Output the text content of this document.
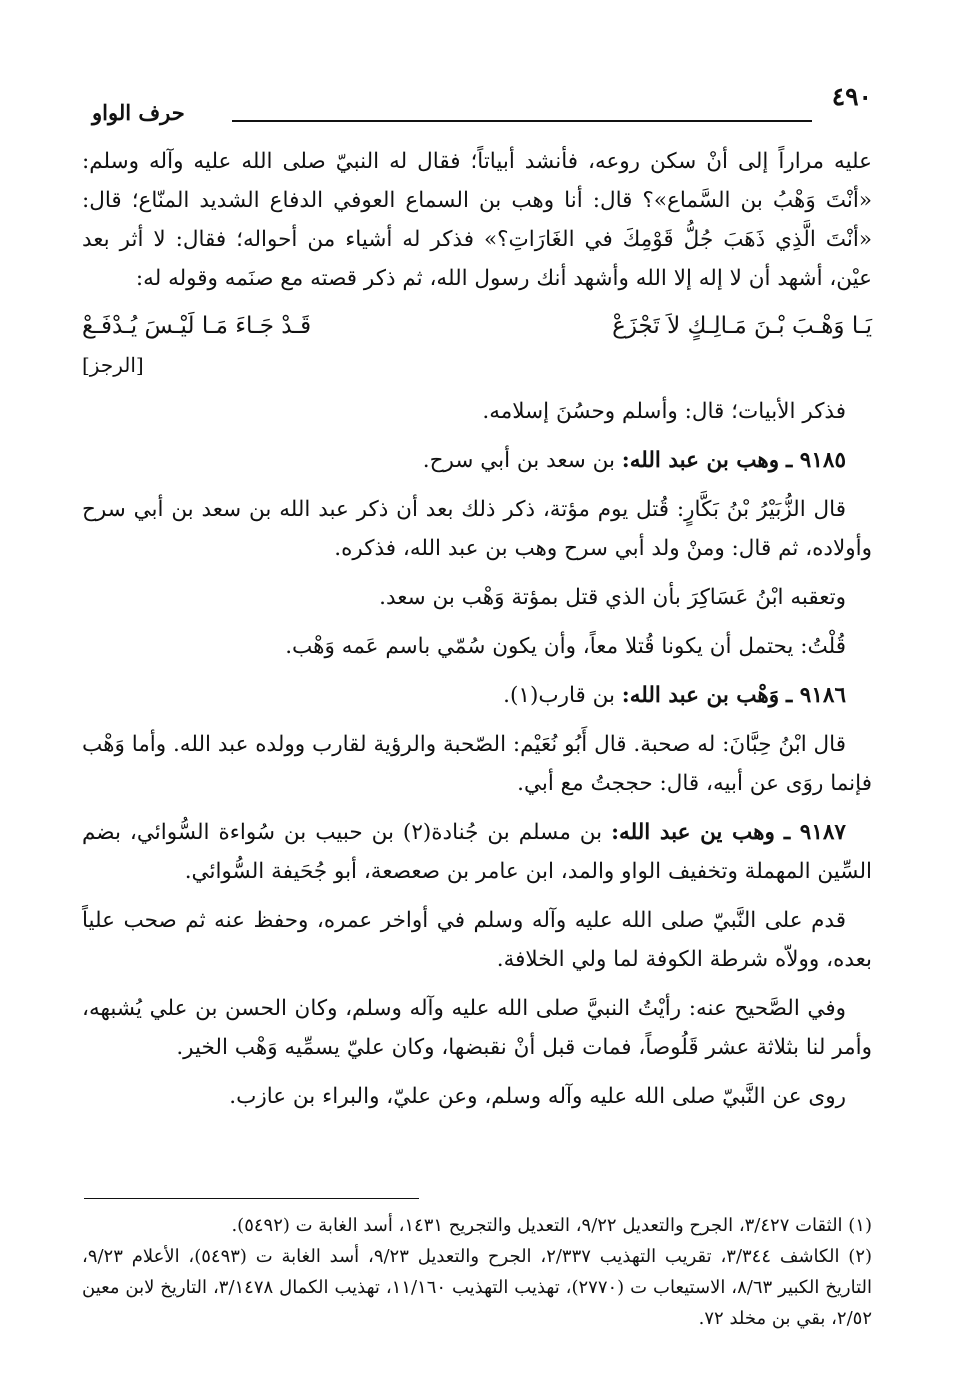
٤٩٠
حرف الواو

عليه مراراً إلى أنْ سكن روعه، فأنشد أبياتاً؛ فقال له النبيّ صلى الله عليه وآله وسلم: «أنْتَ وَهْبُ بن السَّماع»؟ قال: أنا وهب بن السماع العوفي الدفاع الشديد المنّاع؛ قال: «أنْتَ الَّذِي ذَهَبَ جُلُّ قَوْمِكَ في الغَارَاتِ؟» فذكر له أشياء من أحواله؛ فقال: لا أثر بعد عيْن، أشهد أن لا إله إلا الله وأشهد أنك رسول الله، ثم ذكر قصته مع صنَمه وقوله له:

يَـا وَهْـبَ بْـنَ مَـالِـكٍ لاَ تَجْزَعْ
قَـدْ جَـاءَ مَـا لَيْـسَ يُـدْفَـعْ
[الرجز]

فذكر الأبيات؛ قال: وأسلم وحسُنَ إسلامه.

٩١٨٥ ـ وهب بن عبد الله: بن سعد بن أبي سرح.

قال الزُّبَيْرُ بْنُ بَكَّارٍ: قُتل يوم مؤتة، ذكر ذلك بعد أن ذكر عبد الله بن سعد بن أبي سرح وأولاده، ثم قال: ومنْ ولد أبي سرح وهب بن عبد الله، فذكره.

وتعقبه ابْنُ عَسَاكِرَ بأن الذي قتل بمؤتة وَهْب بن سعد.

قُلْتُ: يحتمل أن يكونا قُتلا معاً، وأن يكون سُمّي باسم عَمه وَهْب.

٩١٨٦ ـ وَهْب بن عبد الله: بن قارب(١).

قال ابْنُ حِبَّانَ: له صحبة. قال أَبُو نُعَيْم: الصّحبة والرؤية لقارب وولده عبد الله. وأما وَهْب فإنما روَى عن أبيه، قال: حججتُ مع أبي.

٩١٨٧ ـ وهب ين عبد الله: بن مسلم بن جُنادة(٢) بن حبيب بن سُواءة السُّوائي، بضم السِّين المهملة وتخفيف الواو والمد، ابن عامر بن صعصعة، أبو جُحَيفة السُّوائي.

قدم على النَّبيّ صلى الله عليه وآله وسلم في أواخر عمره، وحفظ عنه ثم صحب علياً بعده، وولاّه شرطة الكوفة لما ولي الخلافة.

وفي الصَّحيح عنه: رأيْتُ النبيَّ صلى الله عليه وآله وسلم، وكان الحسن بن علي يُشبهه، وأمر لنا بثلاثة عشر قَلُوصاً، فمات قبل أنْ نقبضها، وكان عليّ يسمِّيه وَهْب الخير.

روى عن النَّبيّ صلى الله عليه وآله وسلم، وعن عليّ، والبراء بن عازب.

(١) الثقات ٣/٤٢٧، الجرح والتعديل ٩/٢٢، التعديل والتجريح ١٤٣١، أسد الغابة ت (٥٤٩٢).
(٢) الكاشف ٣/٣٤٤، تقريب التهذيب ٢/٣٣٧، الجرح والتعديل ٩/٢٣، أسد الغابة ت (٥٤٩٣)، الأعلام ٩/٢٣، التاريخ الكبير ٨/٦٣، الاستيعاب ت (٢٧٧٠)، تهذيب التهذيب ١١/١٦٠، تهذيب الكمال ٣/١٤٧٨، التاريخ لابن معين ٢/٥٢، بقي بن مخلد ٧٢.
